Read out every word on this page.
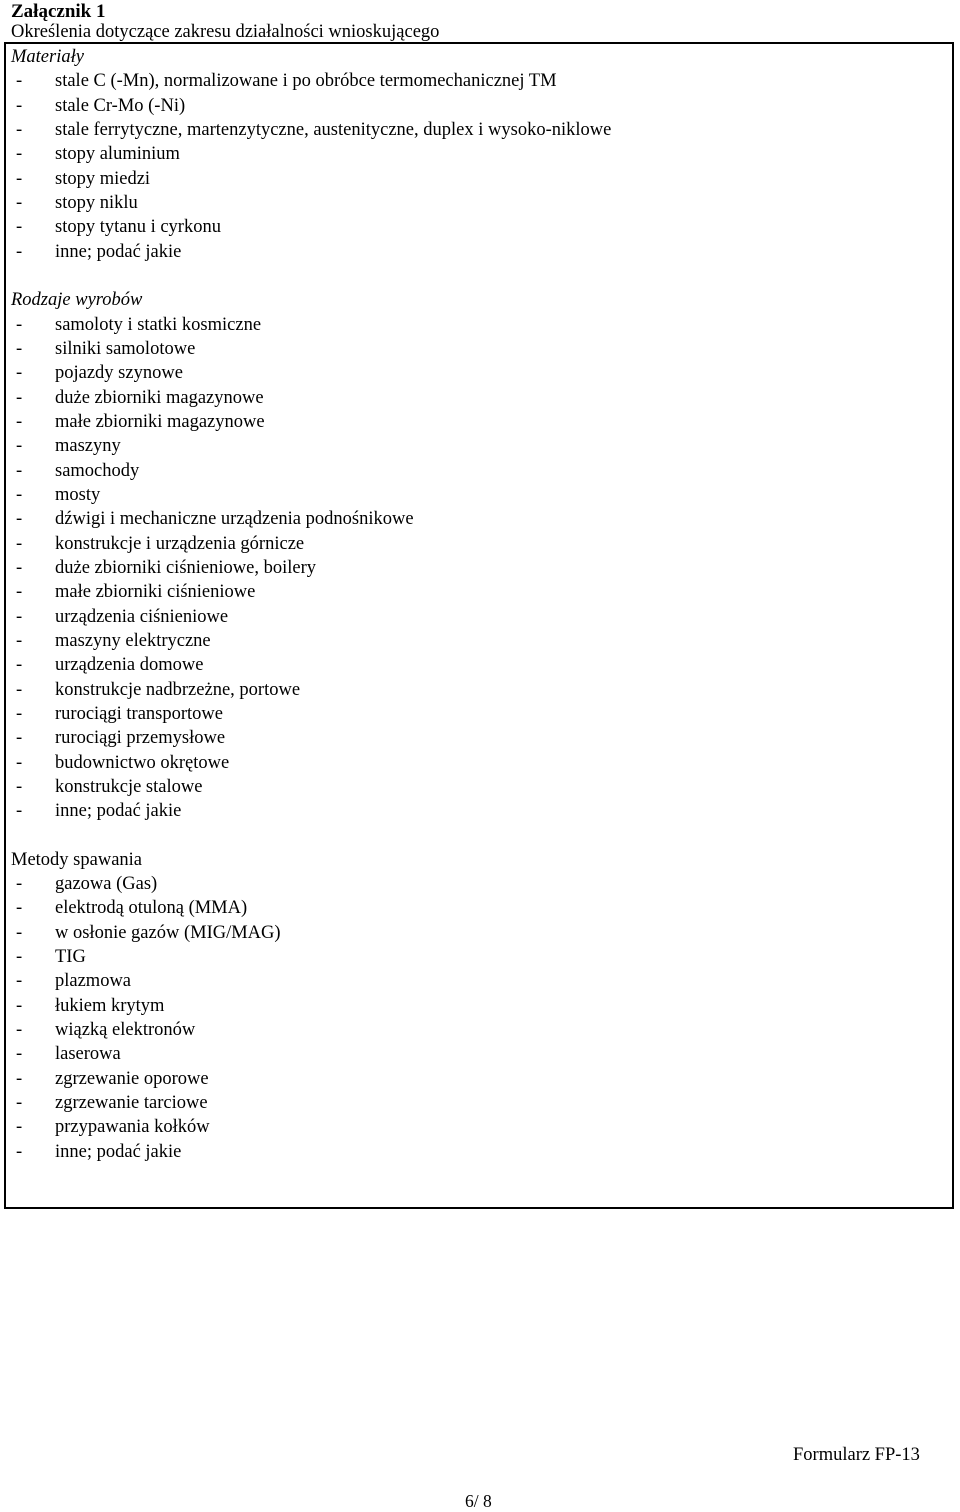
Załącznik 1
Określenia dotyczące zakresu działalności wnioskującego
Materiały
- stale C (-Mn), normalizowane i po obróbce termomechanicznej TM
- stale Cr-Mo (-Ni)
- stale ferrytyczne, martenzytyczne, austenityczne, duplex i wysoko-niklowe
- stopy aluminium
- stopy miedzi
- stopy niklu
- stopy tytanu i cyrkonu
- inne; podać jakie
Rodzaje wyrobów
- samoloty i statki kosmiczne
- silniki samolotowe
- pojazdy szynowe
- duże zbiorniki magazynowe
- małe zbiorniki magazynowe
- maszyny
- samochody
- mosty
- dźwigi i mechaniczne urządzenia podnośnikowe
- konstrukcje i urządzenia górnicze
- duże zbiorniki ciśnieniowe, boilery
- małe zbiorniki ciśnieniowe
- urządzenia ciśnieniowe
- maszyny elektryczne
- urządzenia domowe
- konstrukcje nadbrzeżne, portowe
- rurociągi transportowe
- rurociągi przemysłowe
- budownictwo okrętowe
- konstrukcje stalowe
- inne; podać jakie
Metody spawania
- gazowa (Gas)
- elektrodą otuloną (MMA)
- w osłonie gazów (MIG/MAG)
- TIG
- plazmowa
- łukiem krytym
- wiązką elektronów
- laserowa
- zgrzewanie oporowe
- zgrzewanie tarciowe
- przypawania kołków
- inne; podać jakie
Formularz FP-13
6/ 8
